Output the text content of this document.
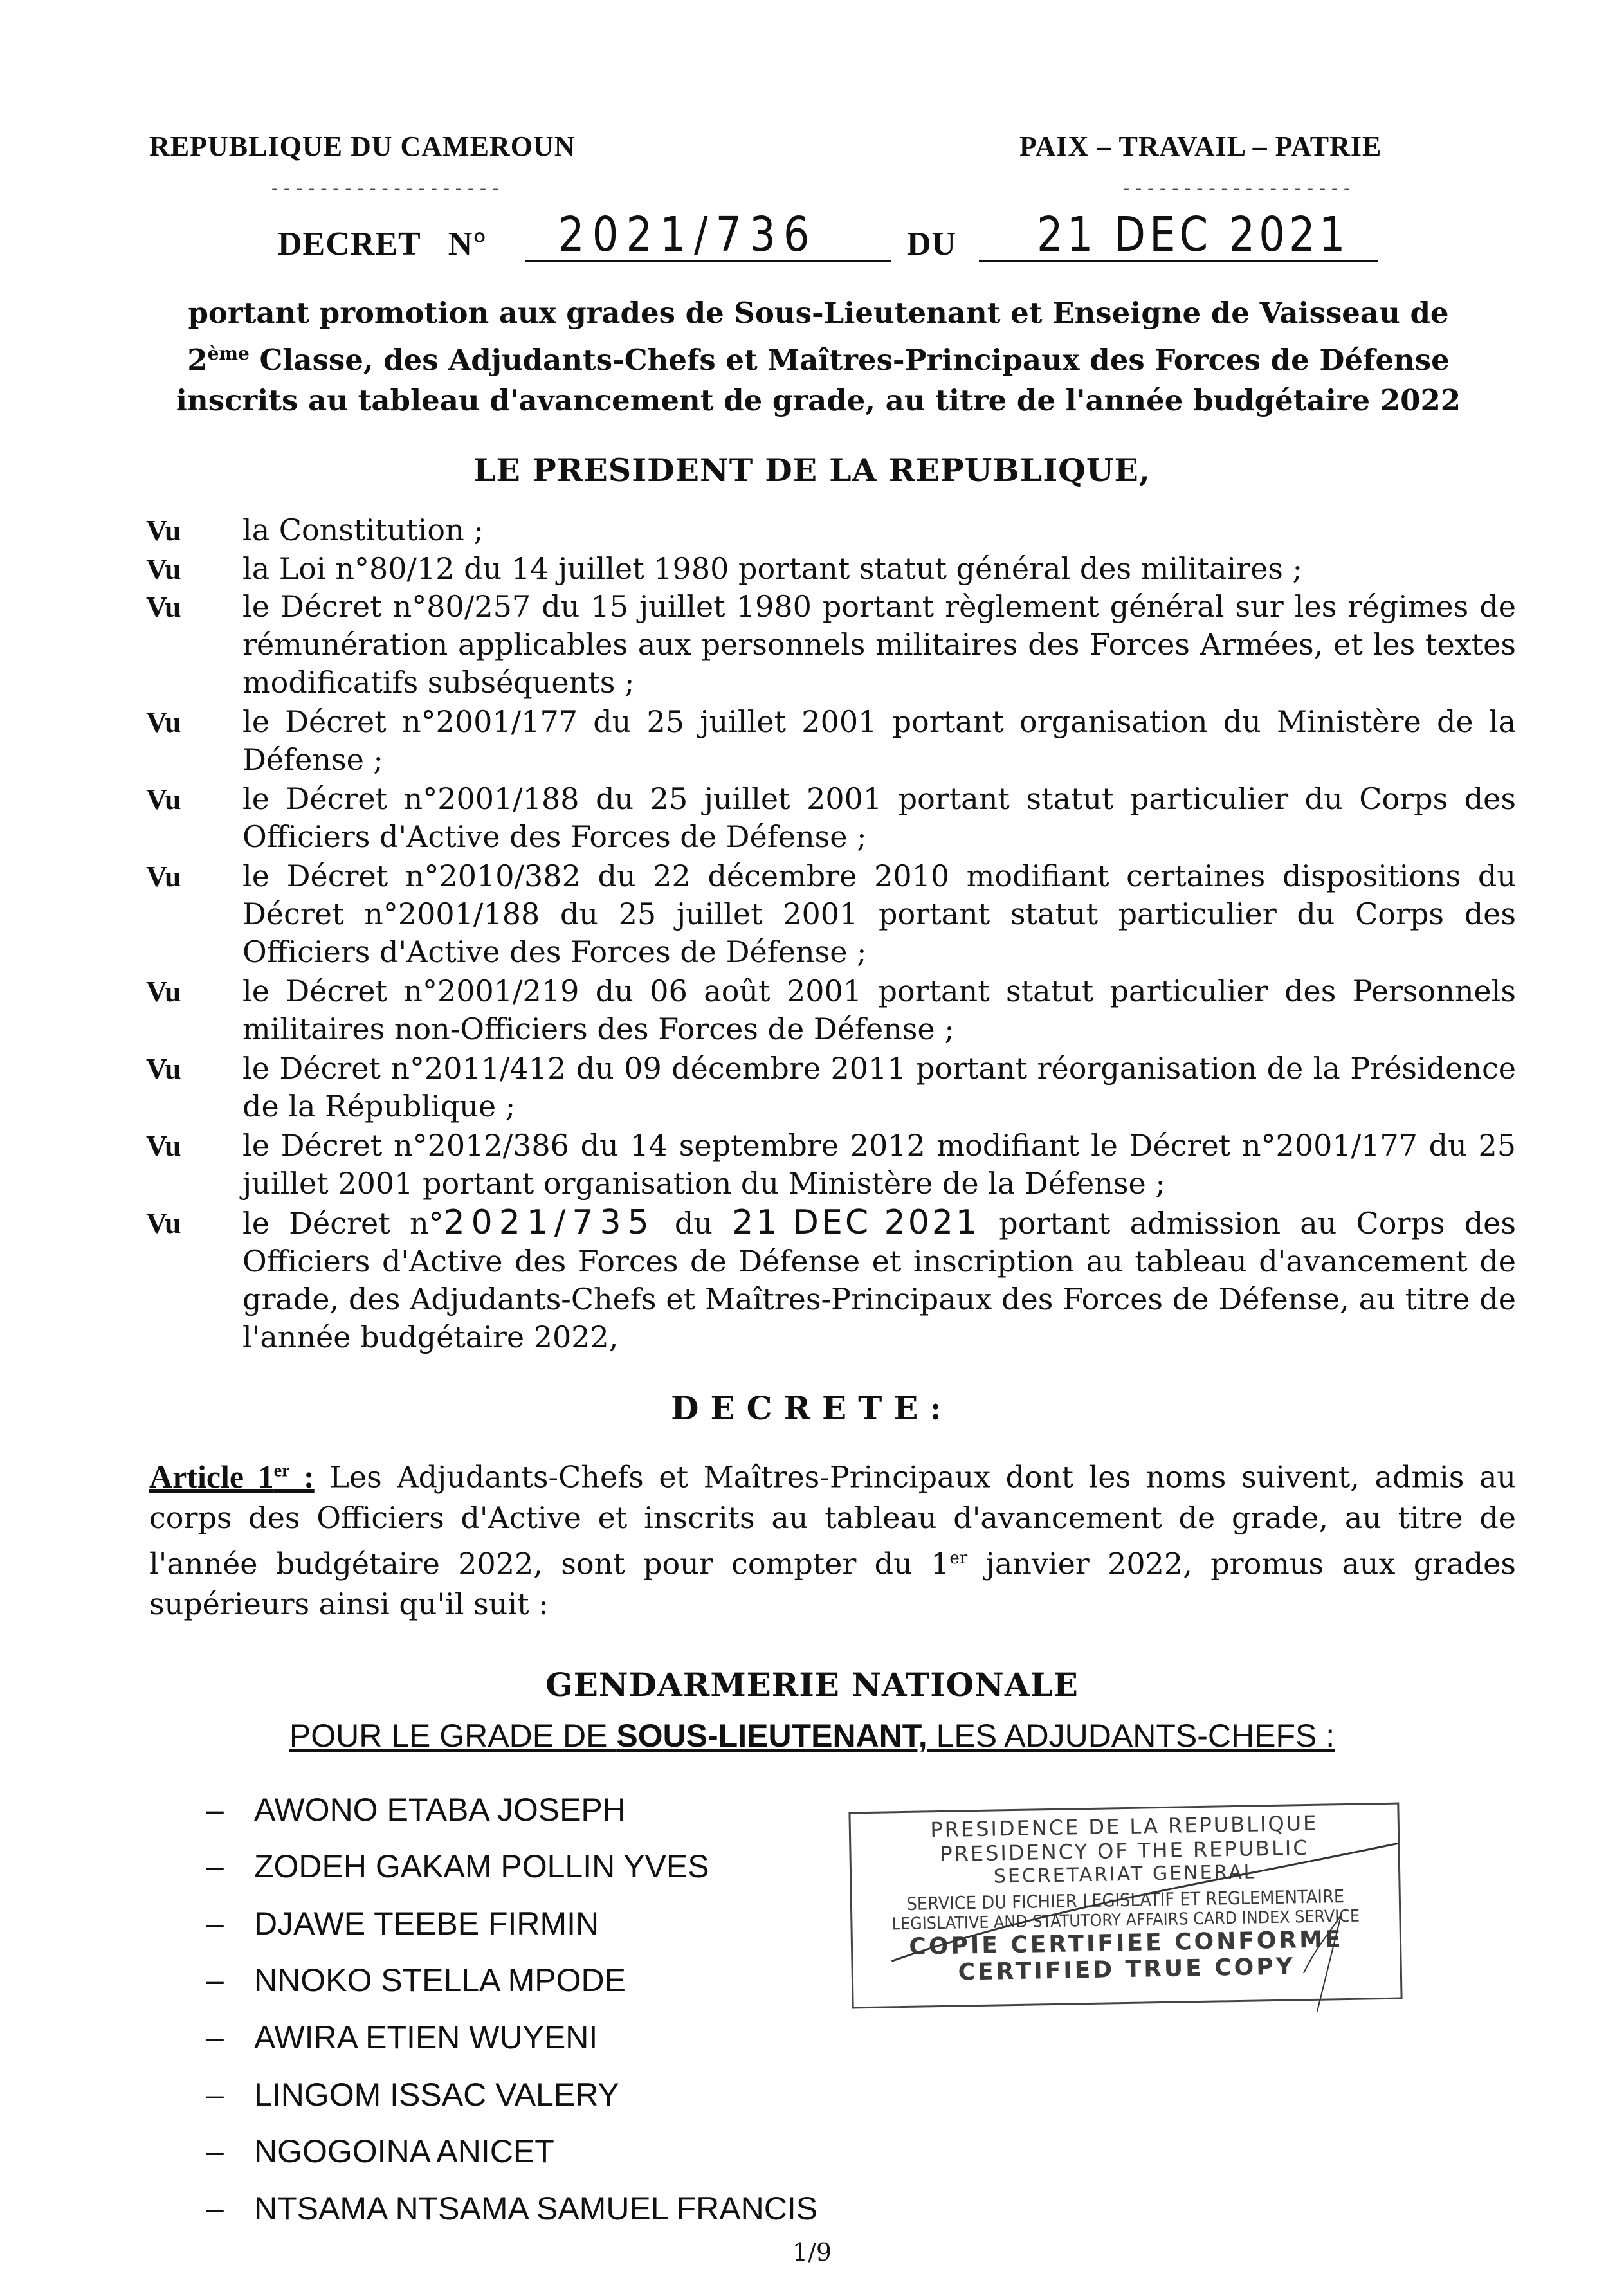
REPUBLIQUE DU CAMEROUN	PAIX – TRAVAIL – PATRIE
-------------------	-------------------
DECRET N° 2021/736	DU 21 DEC 2021
portant promotion aux grades de Sous-Lieutenant et Enseigne de Vaisseau de
2ème Classe, des Adjudants-Chefs et Maîtres-Principaux des Forces de Défense
inscrits au tableau d'avancement de grade, au titre de l'année budgétaire 2022
LE PRESIDENT DE LA REPUBLIQUE,
Vu la Constitution ;
Vu la Loi n°80/12 du 14 juillet 1980 portant statut général des militaires ;
Vu le Décret n°80/257 du 15 juillet 1980 portant règlement général sur les régimes de rémunération applicables aux personnels militaires des Forces Armées, et les textes modificatifs subséquents ;
Vu le Décret n°2001/177 du 25 juillet 2001 portant organisation du Ministère de la Défense ;
Vu le Décret n°2001/188 du 25 juillet 2001 portant statut particulier du Corps des Officiers d'Active des Forces de Défense ;
Vu le Décret n°2010/382 du 22 décembre 2010 modifiant certaines dispositions du Décret n°2001/188 du 25 juillet 2001 portant statut particulier du Corps des Officiers d'Active des Forces de Défense ;
Vu le Décret n°2001/219 du 06 août 2001 portant statut particulier des Personnels militaires non-Officiers des Forces de Défense ;
Vu le Décret n°2011/412 du 09 décembre 2011 portant réorganisation de la Présidence de la République ;
Vu le Décret n°2012/386 du 14 septembre 2012 modifiant le Décret n°2001/177 du 25 juillet 2001 portant organisation du Ministère de la Défense ;
Vu le Décret n°2021/735 du 21 DEC 2021 portant admission au Corps des Officiers d'Active des Forces de Défense et inscription au tableau d'avancement de grade, des Adjudants-Chefs et Maîtres-Principaux des Forces de Défense, au titre de l'année budgétaire 2022,
DECRETE:
Article 1er : Les Adjudants-Chefs et Maîtres-Principaux dont les noms suivent, admis au corps des Officiers d'Active et inscrits au tableau d'avancement de grade, au titre de l'année budgétaire 2022, sont pour compter du 1er janvier 2022, promus aux grades supérieurs ainsi qu'il suit :
GENDARMERIE NATIONALE
POUR LE GRADE DE SOUS-LIEUTENANT, LES ADJUDANTS-CHEFS :
– AWONO ETABA JOSEPH
– ZODEH GAKAM POLLIN YVES
– DJAWE TEEBE FIRMIN
– NNOKO STELLA MPODE
– AWIRA ETIEN WUYENI
– LINGOM ISSAC VALERY
– NGOGOINA ANICET
– NTSAMA NTSAMA SAMUEL FRANCIS
PRESIDENCE DE LA REPUBLIQUE
PRESIDENCY OF THE REPUBLIC
SECRETARIAT GENERAL
SERVICE DU FICHIER LEGISLATIF ET REGLEMENTAIRE
LEGISLATIVE AND STATUTORY AFFAIRS CARD INDEX SERVICE
COPIE CERTIFIEE CONFORME
CERTIFIED TRUE COPY
1/9
